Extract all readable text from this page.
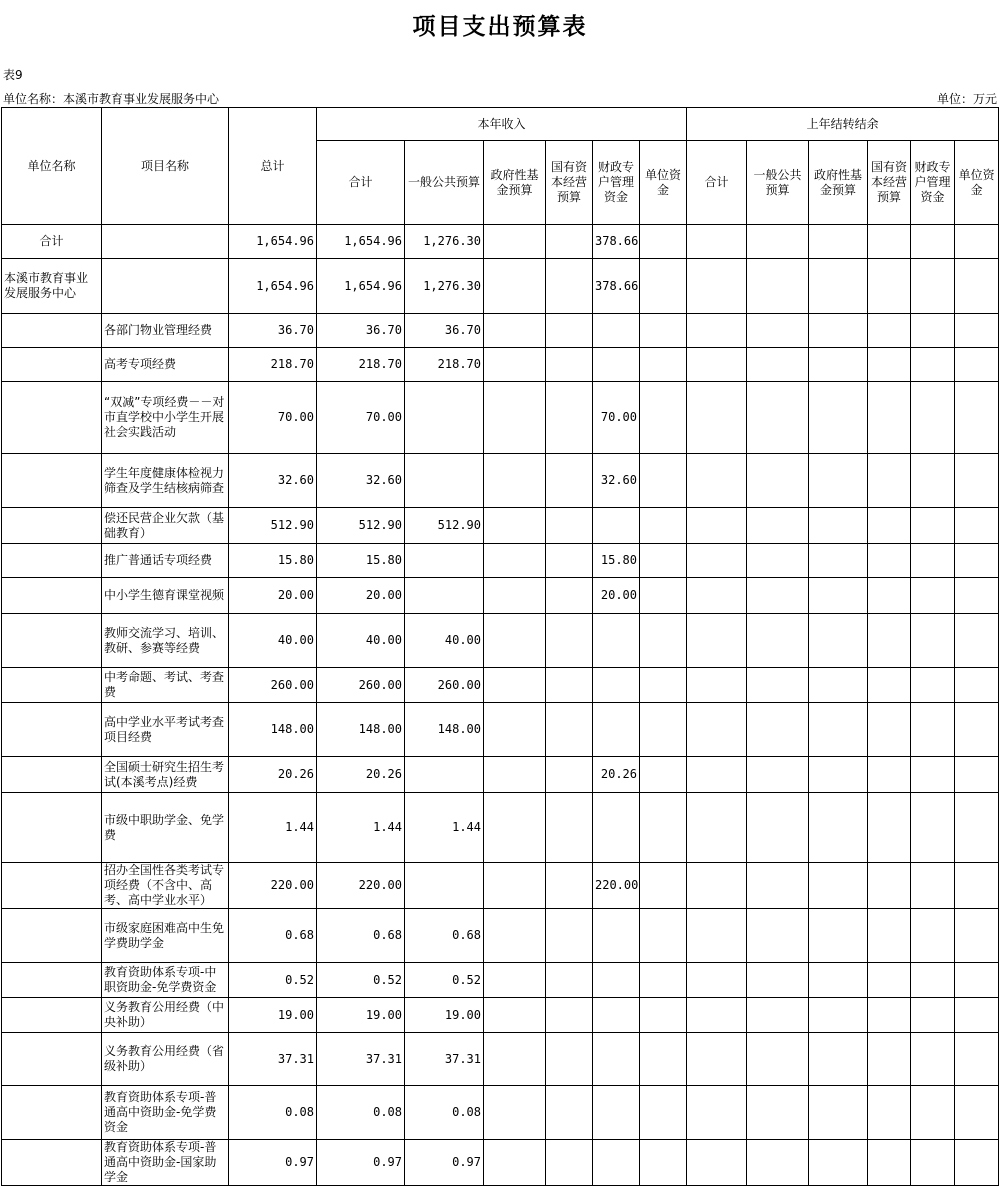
项目支出预算表
表9
单位名称：本溪市教育事业发展服务中心	单位：万元
单位名称	项目名称	总计	本年收入						上年结转结余					
			合计	一般公共预算	政府性基金预算	国有资本经营预算	财政专户管理资金	单位资金	合计	一般公共预算	政府性基金预算	国有资本经营预算	财政专户管理资金	单位资金
合计		1,654.96	1,654.96	1,276.30			378.66							
本溪市教育事业发展服务中心		1,654.96	1,654.96	1,276.30			378.66							
	各部门物业管理经费	36.70	36.70	36.70										
	高考专项经费	218.70	218.70	218.70										
	“双减”专项经费－－对市直学校中小学生开展社会实践活动	70.00	70.00				70.00							
	学生年度健康体检视力筛查及学生结核病筛查	32.60	32.60				32.60							
	偿还民营企业欠款（基础教育）	512.90	512.90	512.90										
	推广普通话专项经费	15.80	15.80				15.80							
	中小学生德育课堂视频	20.00	20.00				20.00							
	教师交流学习、培训、教研、参赛等经费	40.00	40.00	40.00										
	中考命题、考试、考查费	260.00	260.00	260.00										
	高中学业水平考试考查项目经费	148.00	148.00	148.00										
	全国硕士研究生招生考试(本溪考点)经费	20.26	20.26				20.26							
	市级中职助学金、免学费	1.44	1.44	1.44										
	招办全国性各类考试专项经费（不含中、高考、高中学业水平）	220.00	220.00				220.00							
	市级家庭困难高中生免学费助学金	0.68	0.68	0.68										
	教育资助体系专项-中职资助金-免学费资金	0.52	0.52	0.52										
	义务教育公用经费（中央补助）	19.00	19.00	19.00										
	义务教育公用经费（省级补助）	37.31	37.31	37.31										
	教育资助体系专项-普通高中资助金-免学费资金	0.08	0.08	0.08										
	教育资助体系专项-普通高中资助金-国家助学金	0.97	0.97	0.97										
